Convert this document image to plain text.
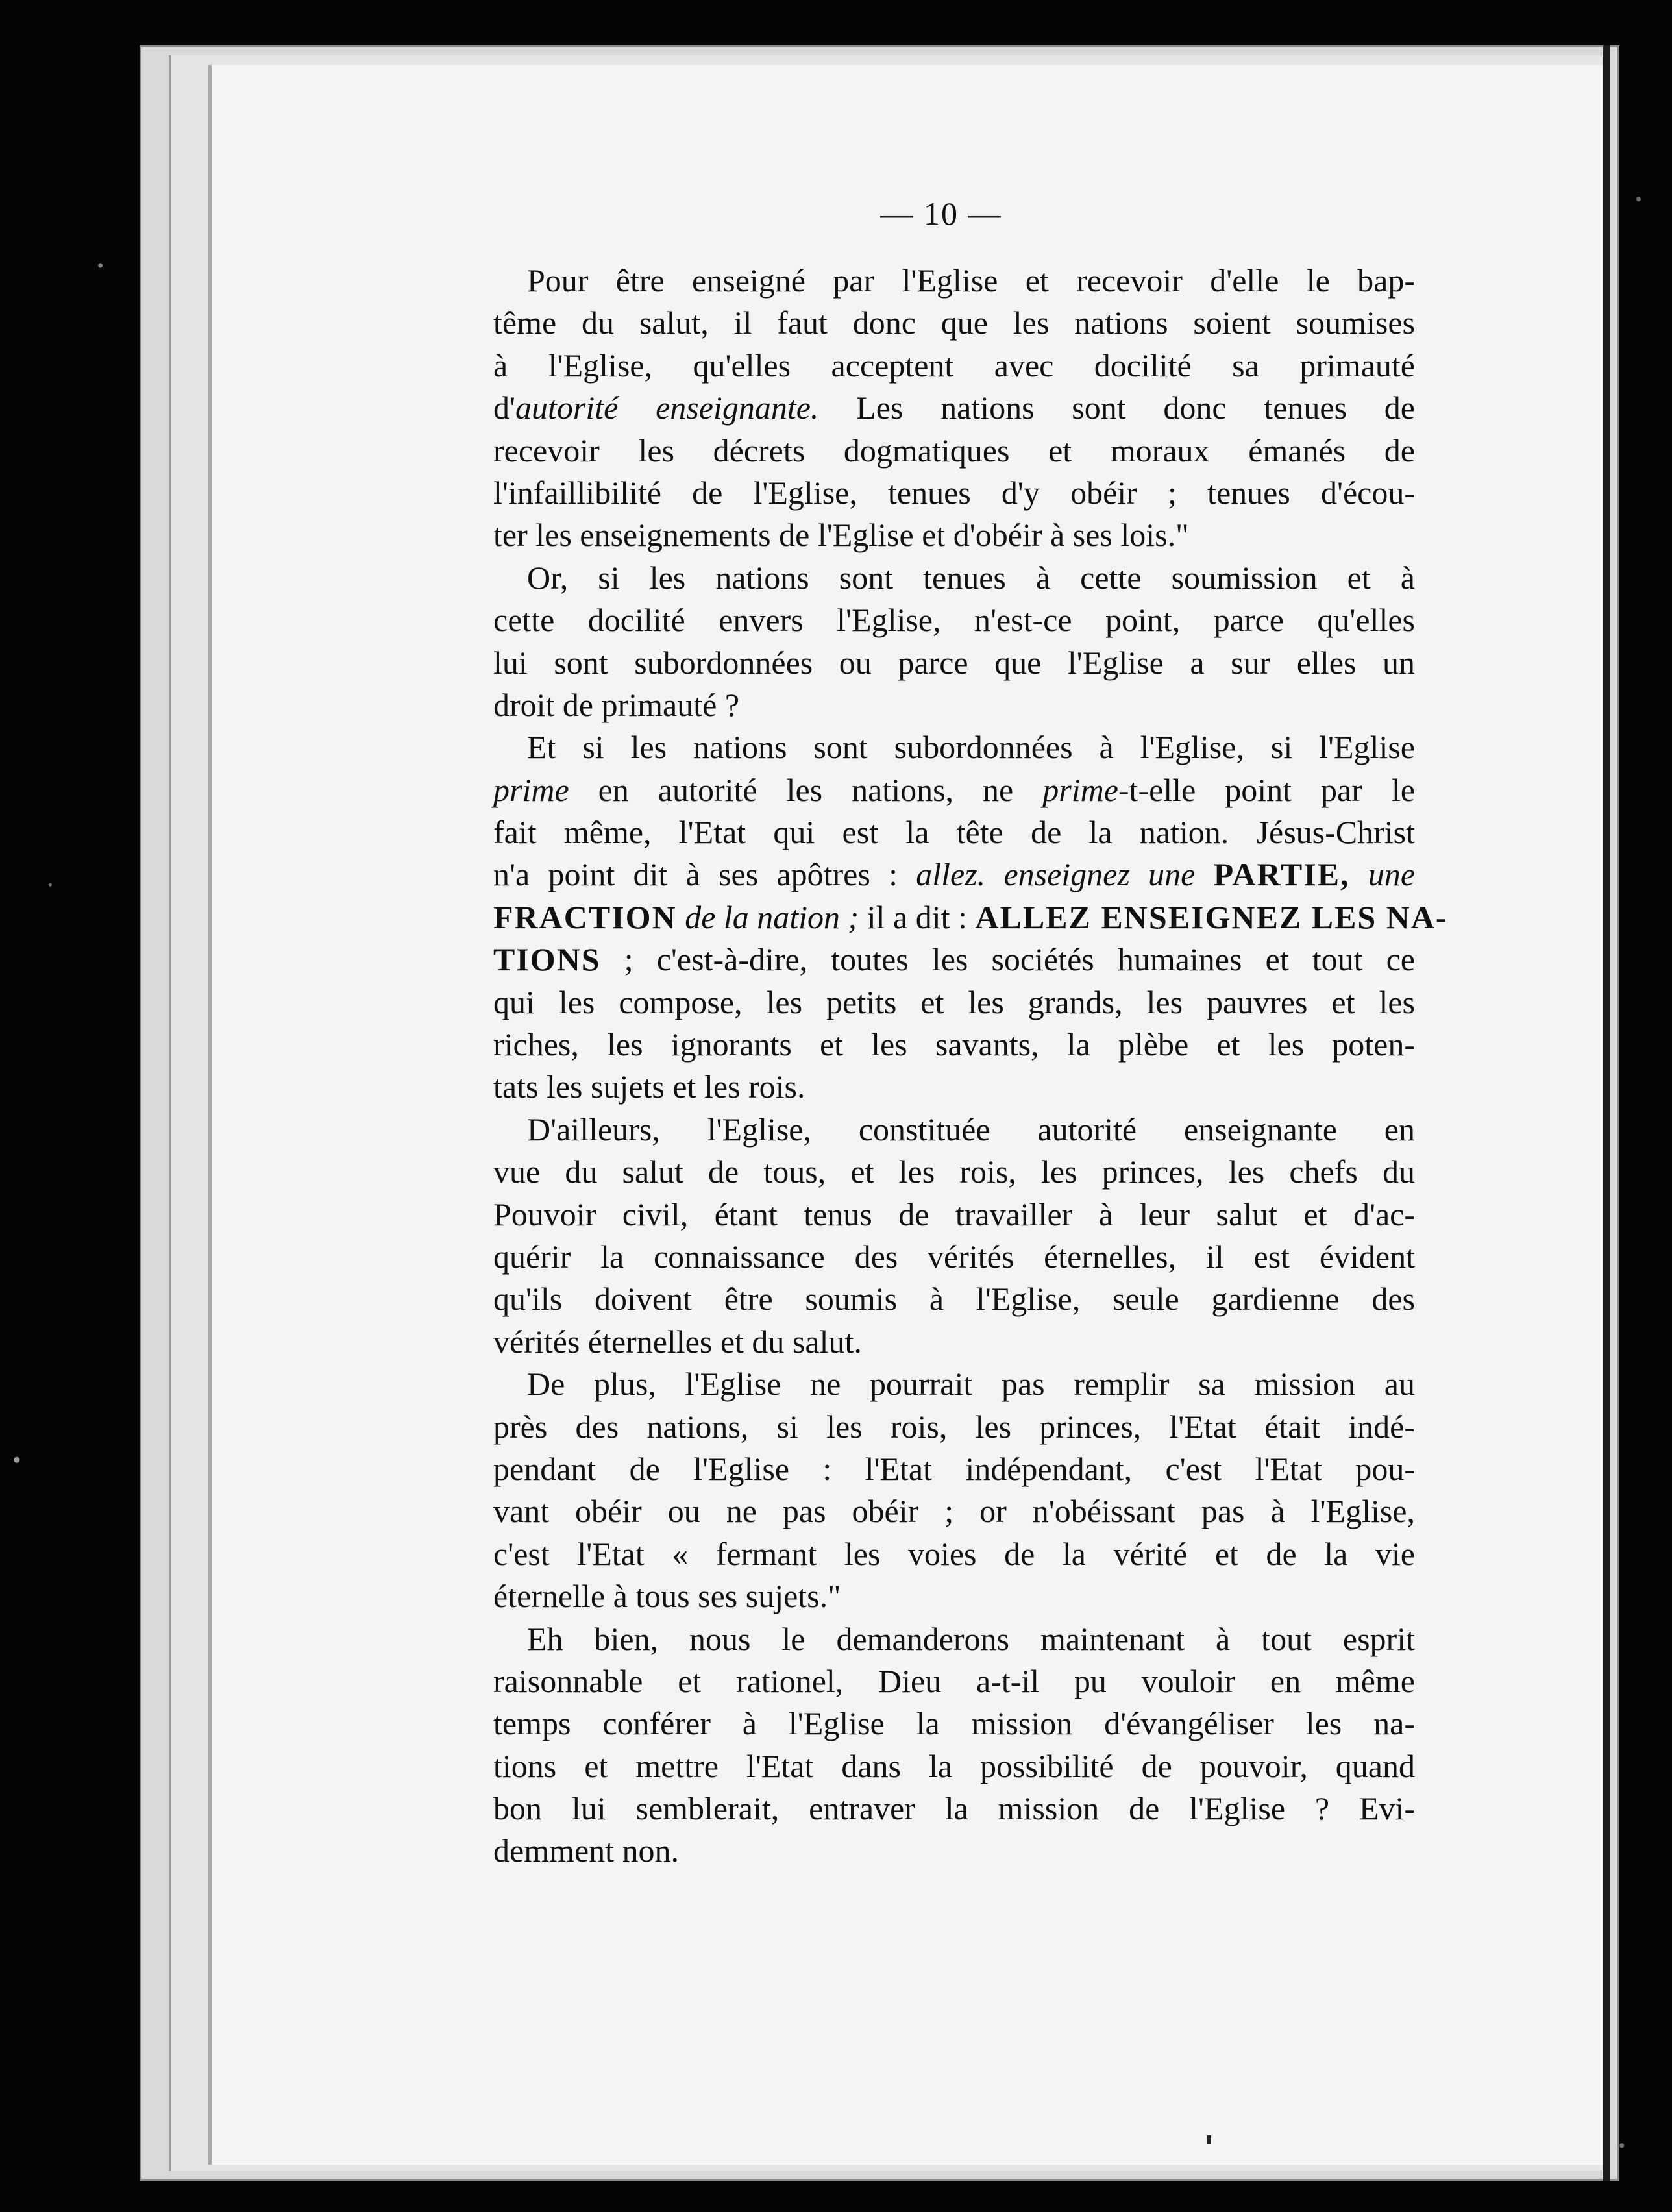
— 10 —
Pour être enseigné par l'Eglise et recevoir d'elle le bap-
tême du salut, il faut donc que les nations soient soumises
à l'Eglise, qu'elles acceptent avec docilité sa primauté
d'autorité enseignante. Les nations sont donc tenues de
recevoir les décrets dogmatiques et moraux émanés de
l'infaillibilité de l'Eglise, tenues d'y obéir ; tenues d'écou-
ter les enseignements de l'Eglise et d'obéir à ses lois."
Or, si les nations sont tenues à cette soumission et à
cette docilité envers l'Eglise, n'est-ce point, parce qu'elles
lui sont subordonnées ou parce que l'Eglise a sur elles un
droit de primauté ?
Et si les nations sont subordonnées à l'Eglise, si l'Eglise
prime en autorité les nations, ne prime-t-elle point par le
fait même, l'Etat qui est la tête de la nation. Jésus-Christ
n'a point dit à ses apôtres : allez. enseignez une PARTIE, une
FRACTION de la nation ; il a dit : ALLEZ ENSEIGNEZ LES NA-
TIONS ; c'est-à-dire, toutes les sociétés humaines et tout ce
qui les compose, les petits et les grands, les pauvres et les
riches, les ignorants et les savants, la plèbe et les poten-
tats les sujets et les rois.
D'ailleurs, l'Eglise, constituée autorité enseignante en
vue du salut de tous, et les rois, les princes, les chefs du
Pouvoir civil, étant tenus de travailler à leur salut et d'ac-
quérir la connaissance des vérités éternelles, il est évident
qu'ils doivent être soumis à l'Eglise, seule gardienne des
vérités éternelles et du salut.
De plus, l'Eglise ne pourrait pas remplir sa mission au
près des nations, si les rois, les princes, l'Etat était indé-
pendant de l'Eglise : l'Etat indépendant, c'est l'Etat pou-
vant obéir ou ne pas obéir ; or n'obéissant pas à l'Eglise,
c'est l'Etat « fermant les voies de la vérité et de la vie
éternelle à tous ses sujets."
Eh bien, nous le demanderons maintenant à tout esprit
raisonnable et rationel, Dieu a-t-il pu vouloir en même
temps conférer à l'Eglise la mission d'évangéliser les na-
tions et mettre l'Etat dans la possibilité de pouvoir, quand
bon lui semblerait, entraver la mission de l'Eglise ? Evi-
demment non.
